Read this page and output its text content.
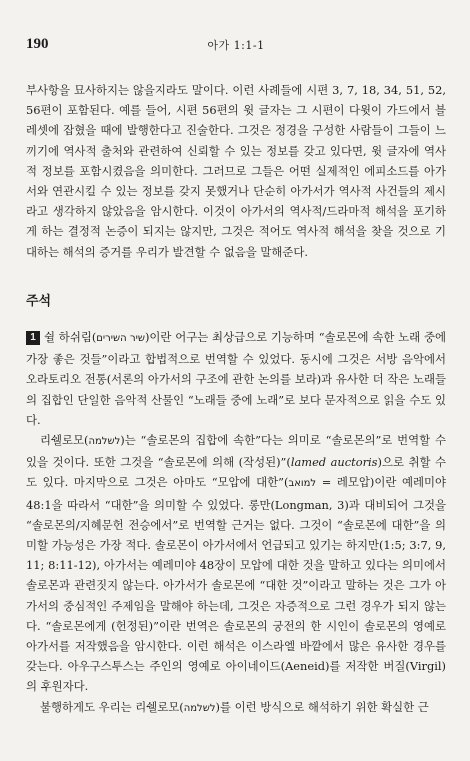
190	아가 1:1-1

부사항을 묘사하지는 않을지라도 말이다. 이런 사례들에 시편 3, 7, 18, 34, 51, 52, 56편이 포함된다. 예를 들어, 시편 56편의 윗 글자는 그 시편이 다윗이 가드에서 블레셋에 잡혔을 때에 발행한다고 진술한다. 그것은 정경을 구성한 사람들이 그들이 느끼기에 역사적 출처와 관련하여 신뢰할 수 있는 정보를 갖고 있다면, 윗 글자에 역사적 정보를 포함시켰음을 의미한다. 그러므로 그들은 어떤 실제적인 에피소드를 아가서와 연관시킬 수 있는 정보를 갖지 못했거나 단순히 아가서가 역사적 사건들의 제시라고 생각하지 않았음을 암시한다. 이것이 아가서의 역사적/드라마적 해석을 포기하게 하는 결정적 논증이 되지는 않지만, 그것은 적어도 역사적 해석을 찾을 것으로 기대하는 해석의 증거를 우리가 발견할 수 없음을 말해준다.

주석

1 쉴 하쉬림(שיר השירים)이란 어구는 최상급으로 기능하며 “솔로몬에 속한 노래 중에 가장 좋은 것들”이라고 합법적으로 번역할 수 있었다. 동시에 그것은 서방 음악에서 오라토리오 전통(서론의 아가서의 구조에 관한 논의를 보라)과 유사한 더 작은 노래들의 집합인 단일한 음악적 산물인 “노래들 중에 노래”로 보다 문자적으로 읽을 수도 있다.

리쉘로모(לשלמה)는 “솔로몬의 집합에 속한”다는 의미로 “솔로몬의”로 번역할 수 있을 것이다. 또한 그것을 “솔로몬에 의해 (작성된)”(lamed auctoris)으로 취할 수도 있다. 마지막으로 그것은 아마도 “모압에 대한”(למואב = 레모압)이란 예레미야 48:1을 따라서 “대한”을 의미할 수 있었다. 롱만(Longman, 3)과 대비되어 그것을 “솔로몬의/지혜문헌 전승에서”로 번역할 근거는 없다. 그것이 “솔로몬에 대한”을 의미할 가능성은 가장 적다. 솔로몬이 아가서에서 언급되고 있기는 하지만(1:5; 3:7, 9, 11; 8:11-12), 아가서는 예레미야 48장이 모압에 대한 것을 말하고 있다는 의미에서 솔로몬과 관련짓지 않는다. 아가서가 솔로몬에 “대한 것”이라고 말하는 것은 그가 아가서의 중심적인 주제임을 말해야 하는데, 그것은 자증적으로 그런 경우가 되지 않는다. “솔로몬에게 (헌정된)”이란 번역은 솔로몬의 궁전의 한 시인이 솔로몬의 영예로 아가서를 저작했음을 암시한다. 이런 해석은 이스라엘 바깥에서 많은 유사한 경우를 갖는다. 아우구스투스는 주인의 영예로 아이네이드(Aeneid)를 저작한 버질(Virgil)의 후원자다.

불행하게도 우리는 리쉘로모(לשלמה)를 이런 방식으로 해석하기 위한 확실한 근
